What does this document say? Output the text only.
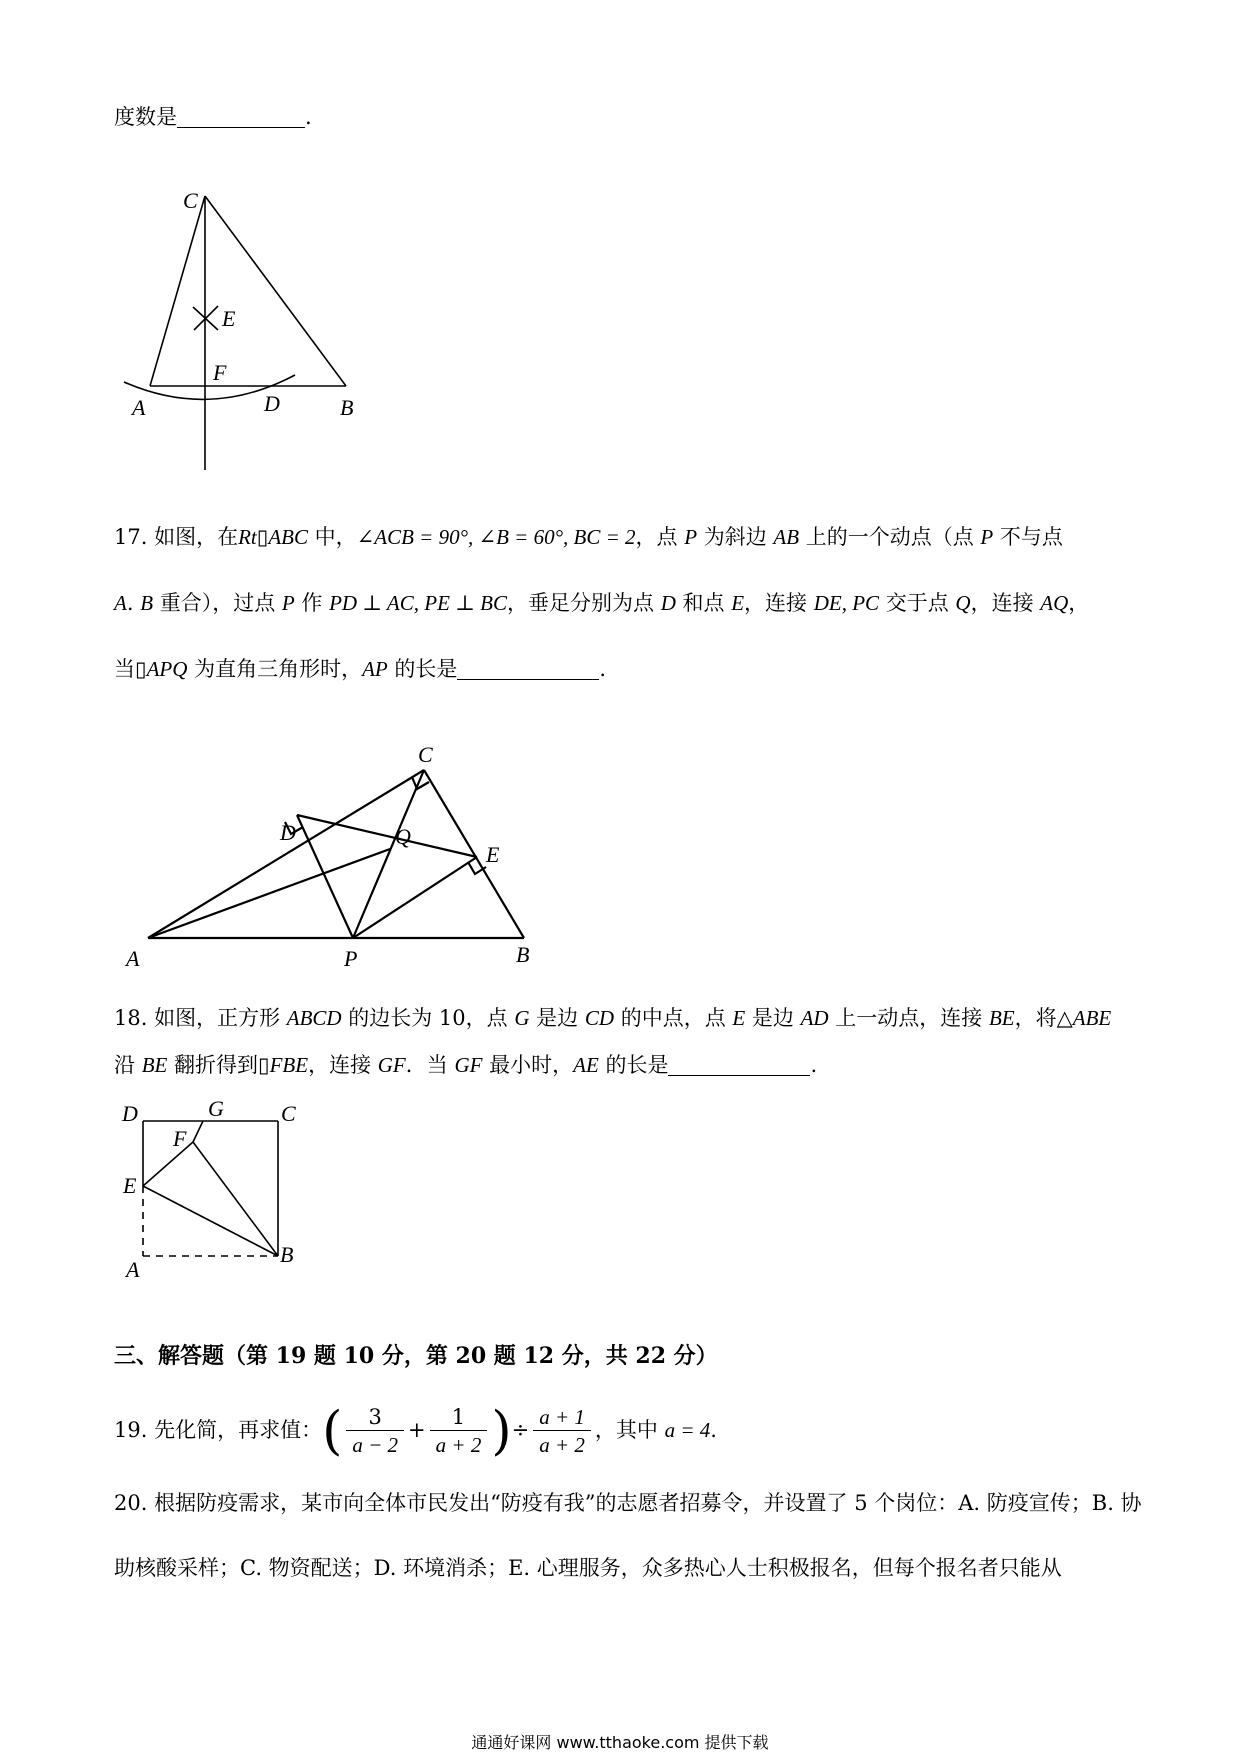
度数是	.
C
E
F
A	D	B
17. 如图，在Rt▯ABC 中，∠ACB = 90°, ∠B = 60°, BC = 2，点 P 为斜边 AB 上的一个动点（点 P 不与点
A. B 重合），过点 P 作 PD ⊥ AC, PE ⊥ BC，垂足分别为点 D 和点 E，连接 DE, PC 交于点 Q，连接 AQ，
当▯APQ 为直角三角形时，AP 的长是	.
C
D	Q
E
A	P	B
18. 如图，正方形 ABCD 的边长为 10，点 G 是边 CD 的中点，点 E 是边 AD 上一动点，连接 BE，将△ABE
沿 BE 翻折得到▯FBE，连接 GF．当 GF 最小时，AE 的长是	.
D	G	C
F
E
A
B
三、解答题（第 19 题 10 分，第 20 题 12 分，共 22 分）
19. 先化简，再求值：( $\frac{3}{a - 2} + \frac{1}{a + 2}$ )÷ $\frac{a + 1}{a + 2}$ ，其中 a = 4.
20. 根据防疫需求，某市向全体市民发出“防疫有我”的志愿者招募令，并设置了 5 个岗位：A. 防疫宣传；B. 协
助核酸采样；C. 物资配送；D. 环境消杀；E. 心理服务，众多热心人士积极报名，但每个报名者只能从
通通好课网 www.tthaoke.com 提供下载
